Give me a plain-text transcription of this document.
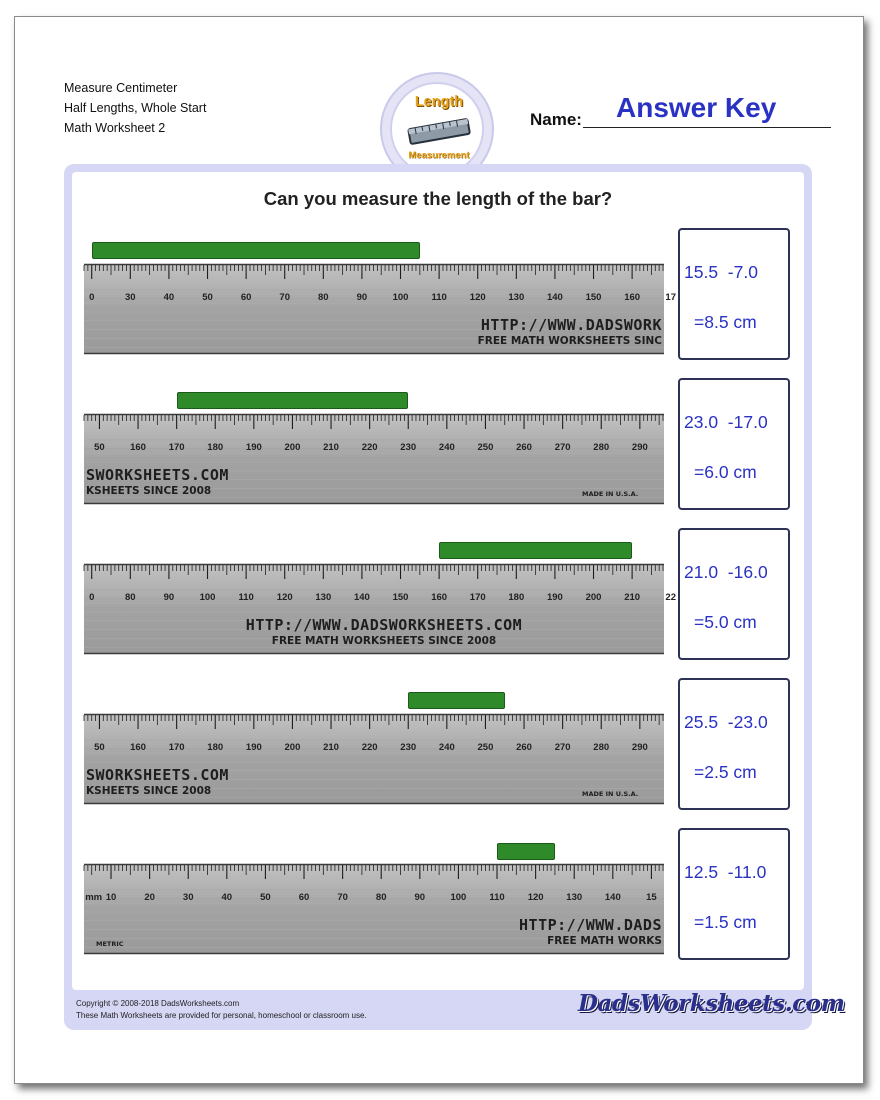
Measure Centimeter
Half Lengths, Whole Start
Math Worksheet 2
Length
Measurement
Name: Answer Key
Can you measure the length of the bar?
0	30	40	50	60	70	80	90	100 110 120 130 140 150 160	17
HTTP://WWW.DADSWORK
FREE MATH WORKSHEETS SINC
15.5  -7.0
=8.5 cm
50	160 170 180 190 200 210 220 230 240 250 260 270 280 290
SWORKSHEETS.COM
KSHEETS SINCE 2008	MADE IN U.S.A.
23.0  -17.0
=6.0 cm
0	80	90	100 110 120 130 140 150 160 170 180 190 200 210	22
HTTP://WWW.DADSWORKSHEETS.COM
FREE MATH WORKSHEETS SINCE 2008
21.0  -16.0
=5.0 cm
50	160 170 180 190 200 210 220 230 240 250 260 270 280 290
SWORKSHEETS.COM
KSHEETS SINCE 2008	MADE IN U.S.A.
25.5  -23.0
=2.5 cm
mm 10	20	30	40	50	60	70	80	90	100 110 120 130 140	15
HTTP://WWW.DADS
FREE MATH WORKS
METRIC
12.5  -11.0
=1.5 cm
Copyright © 2008-2018 DadsWorksheets.com
These Math Worksheets are provided for personal, homeschool or classroom use.	DadsWorksheets.com
